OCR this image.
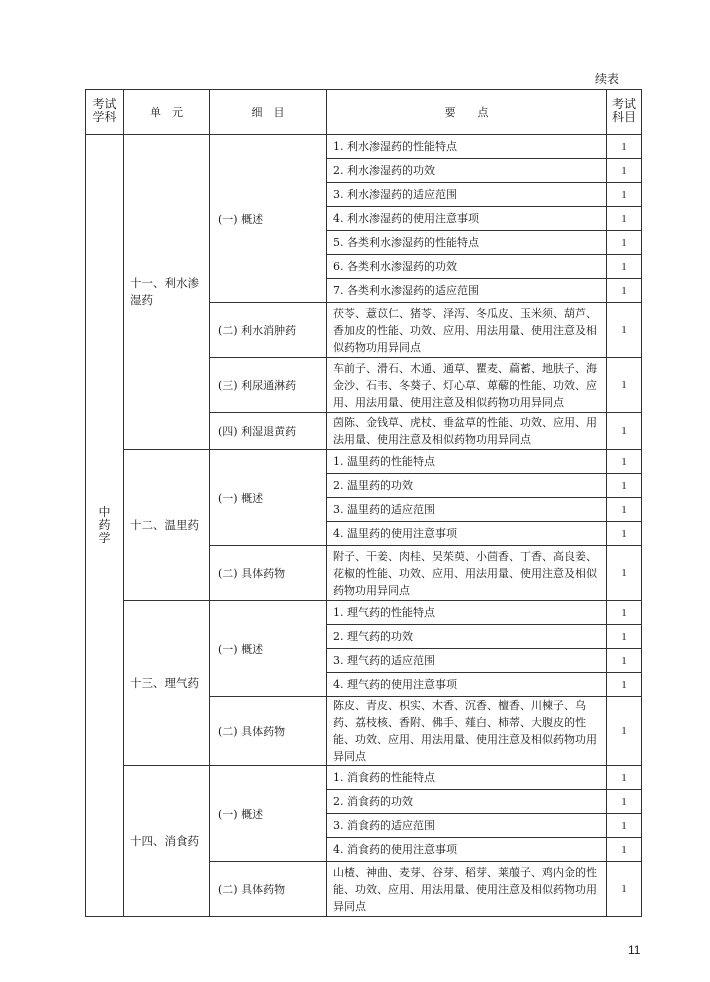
续表
考试学科	单　元	细　目	要　　点	考试科目
中药学	十一、利水渗湿药	(一) 概述	1. 利水渗湿药的性能特点	1
			2. 利水渗湿药的功效	1
			3. 利水渗湿药的适应范围	1
			4. 利水渗湿药的使用注意事项	1
			5. 各类利水渗湿药的性能特点	1
			6. 各类利水渗湿药的功效	1
			7. 各类利水渗湿药的适应范围	1
		(二) 利水消肿药	茯苓、薏苡仁、猪苓、泽泻、冬瓜皮、玉米须、葫芦、香加皮的性能、功效、应用、用法用量、使用注意及相似药物功用异同点	1
		(三) 利尿通淋药	车前子、滑石、木通、通草、瞿麦、萹蓄、地肤子、海金沙、石韦、冬葵子、灯心草、萆薢的性能、功效、应用、用法用量、使用注意及相似药物功用异同点	1
		(四) 利湿退黄药	茵陈、金钱草、虎杖、垂盆草的性能、功效、应用、用法用量、使用注意及相似药物功用异同点	1
	十二、温里药	(一) 概述	1. 温里药的性能特点	1
			2. 温里药的功效	1
			3. 温里药的适应范围	1
			4. 温里药的使用注意事项	1
		(二) 具体药物	附子、干姜、肉桂、吴茱萸、小茴香、丁香、高良姜、花椒的性能、功效、应用、用法用量、使用注意及相似药物功用异同点	1
	十三、理气药	(一) 概述	1. 理气药的性能特点	1
			2. 理气药的功效	1
			3. 理气药的适应范围	1
			4. 理气药的使用注意事项	1
		(二) 具体药物	陈皮、青皮、枳实、木香、沉香、檀香、川楝子、乌药、荔枝核、香附、佛手、薤白、柿蒂、大腹皮的性能、功效、应用、用法用量、使用注意及相似药物功用异同点	1
	十四、消食药	(一) 概述	1. 消食药的性能特点	1
			2. 消食药的功效	1
			3. 消食药的适应范围	1
			4. 消食药的使用注意事项	1
		(二) 具体药物	山楂、神曲、麦芽、谷芽、稻芽、莱菔子、鸡内金的性能、功效、应用、用法用量、使用注意及相似药物功用异同点	1
11
